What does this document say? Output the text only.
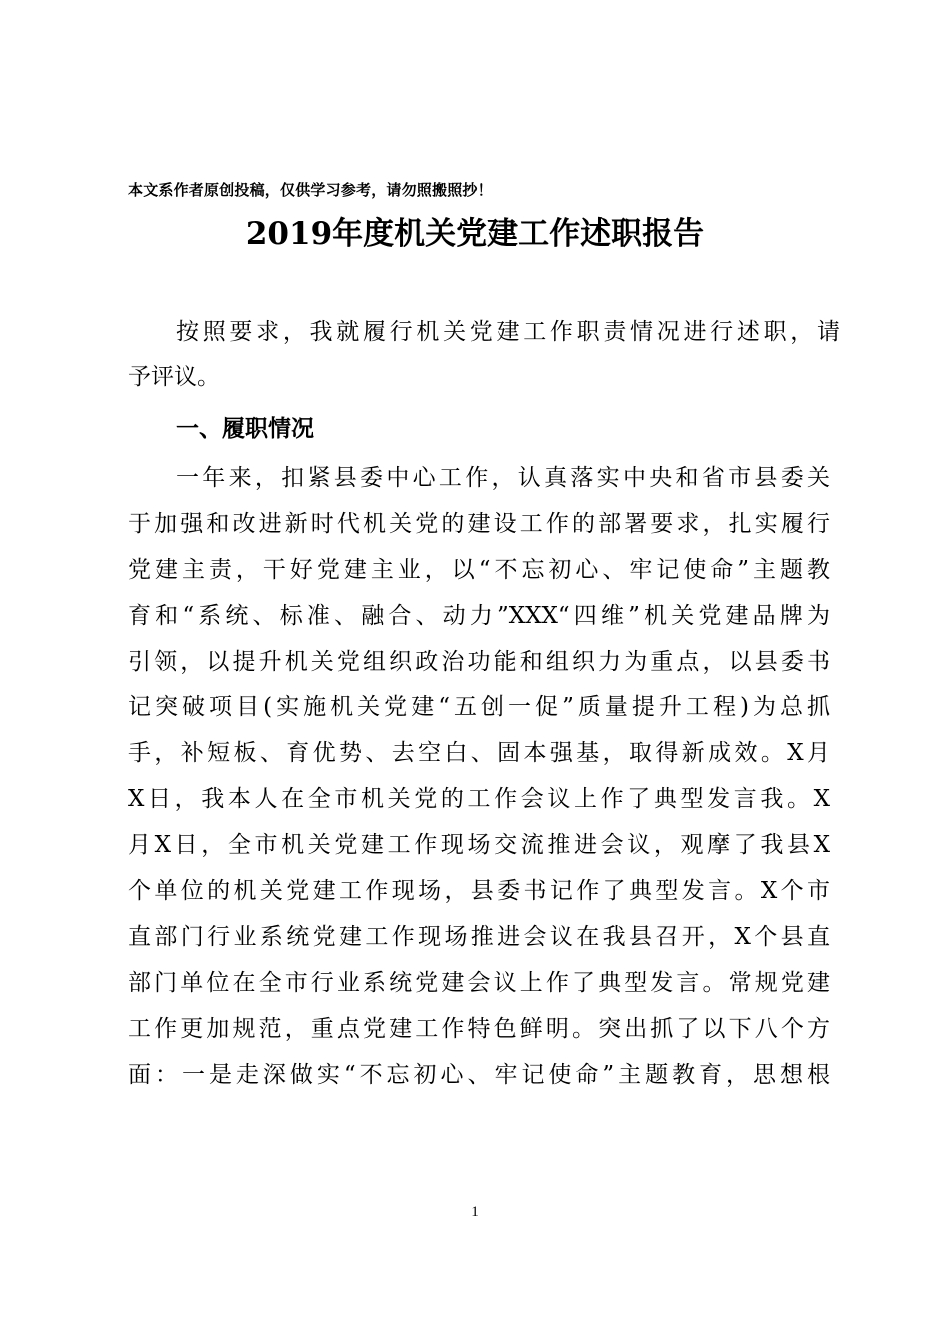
本文系作者原创投稿，仅供学习参考，请勿照搬照抄！
2019年度机关党建工作述职报告
按照要求，我就履行机关党建工作职责情况进行述职，请
予评议。
一、履职情况
一年来，扣紧县委中心工作，认真落实中央和省市县委关
于加强和改进新时代机关党的建设工作的部署要求，扎实履行
党建主责，干好党建主业，以“不忘初心、牢记使命”主题教
育和“系统、标准、融合、动力”XXX“四维”机关党建品牌为
引领，以提升机关党组织政治功能和组织力为重点，以县委书
记突破项目(实施机关党建“五创一促”质量提升工程)为总抓
手，补短板、育优势、去空白、固本强基，取得新成效。X月
X日，我本人在全市机关党的工作会议上作了典型发言我。X
月X日，全市机关党建工作现场交流推进会议，观摩了我县X
个单位的机关党建工作现场，县委书记作了典型发言。X个市
直部门行业系统党建工作现场推进会议在我县召开，X个县直
部门单位在全市行业系统党建会议上作了典型发言。常规党建
工作更加规范，重点党建工作特色鲜明。突出抓了以下八个方
面：一是走深做实“不忘初心、牢记使命”主题教育，思想根
1
